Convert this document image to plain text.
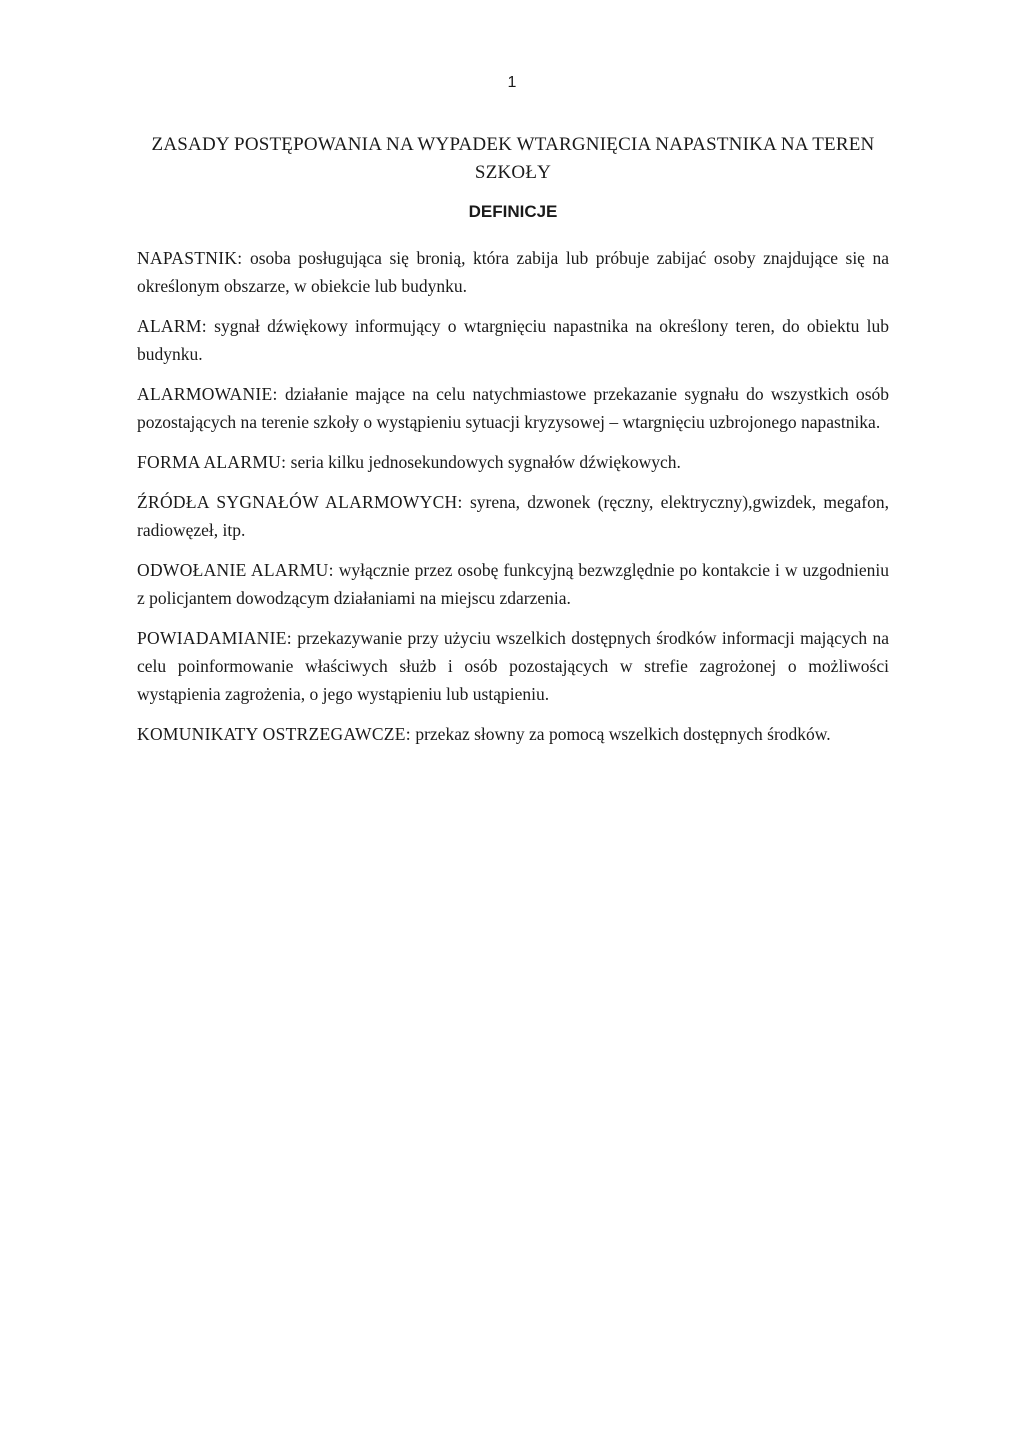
1
ZASADY POSTĘPOWANIA NA WYPADEK WTARGNIĘCIA NAPASTNIKA NA TEREN SZKOŁY
DEFINICJE

NAPASTNIK: osoba posługująca się bronią, która zabija lub próbuje zabijać osoby znajdujące się na określonym obszarze, w obiekcie lub budynku.

ALARM: sygnał dźwiękowy informujący o wtargnięciu napastnika na określony teren, do obiektu lub budynku.

ALARMOWANIE: działanie mające na celu natychmiastowe przekazanie sygnału do wszystkich osób pozostających na terenie szkoły o wystąpieniu sytuacji kryzysowej – wtargnięciu uzbrojonego napastnika.

FORMA ALARMU: seria kilku jednosekundowych sygnałów dźwiękowych.

ŹRÓDŁA SYGNAŁÓW ALARMOWYCH: syrena, dzwonek (ręczny, elektryczny),gwizdek, megafon, radiowęzeł, itp.

ODWOŁANIE ALARMU: wyłącznie przez osobę funkcyjną bezwzględnie po kontakcie i w uzgodnieniu z policjantem dowodzącym działaniami na miejscu zdarzenia.

POWIADAMIANIE: przekazywanie przy użyciu wszelkich dostępnych środków informacji mających na celu poinformowanie właściwych służb i osób pozostających w strefie zagrożonej o możliwości wystąpienia zagrożenia, o jego wystąpieniu lub ustąpieniu.

KOMUNIKATY OSTRZEGAWCZE: przekaz słowny za pomocą wszelkich dostępnych środków.
